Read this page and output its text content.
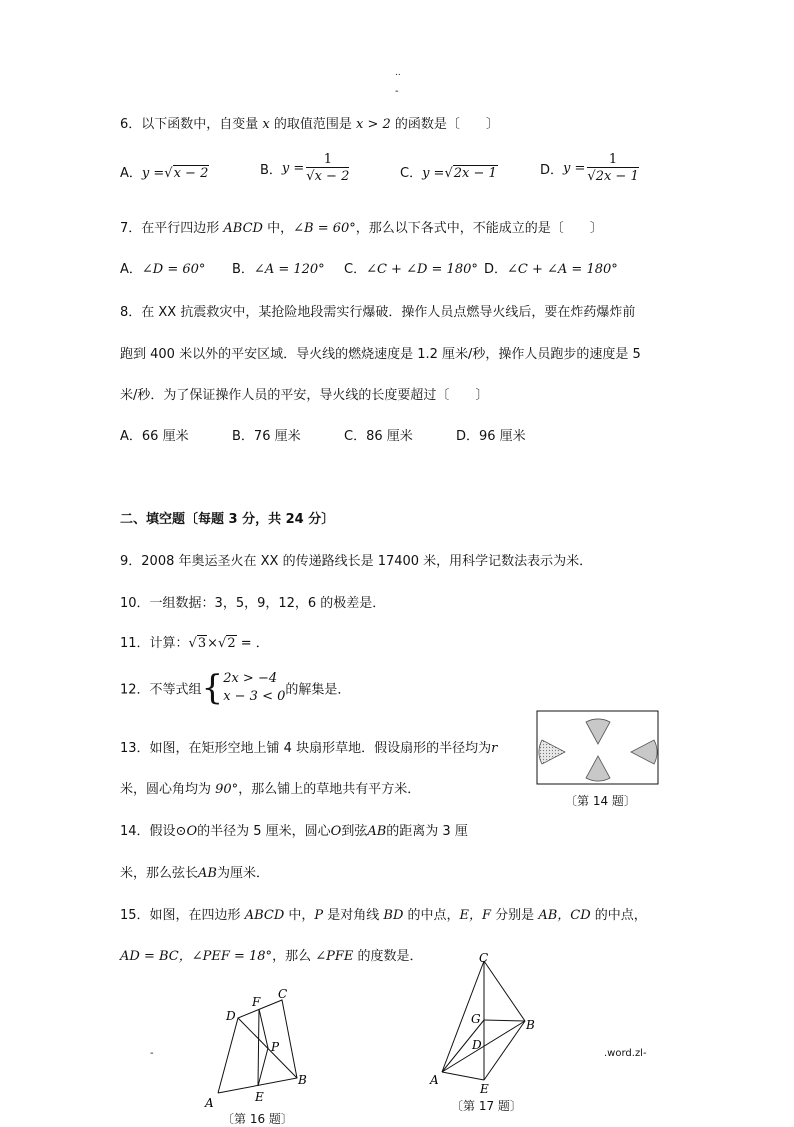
..
-
6．以下函数中，自变量 x 的取值范围是 x > 2 的函数是〔　　〕
A．y =√x − 2	B．$y = \frac{1}{√x - 2}$	C．y =√2x − 1	D．$y = \frac{1}{√2x - 1}$
7．在平行四边形 ABCD 中，∠B = 60°，那么以下各式中，不能成立的是〔　　〕
A．∠D = 60° B．∠A = 120° C．∠C + ∠D = 180° D．∠C + ∠A = 180°
8．在 XX 抗震救灾中，某抢险地段需实行爆破．操作人员点燃导火线后，要在炸药爆炸前
跑到 400 米以外的平安区域．导火线的燃烧速度是 1.2 厘米/秒，操作人员跑步的速度是 5
米/秒．为了保证操作人员的平安，导火线的长度要超过〔　　〕
A．66 厘米	B．76 厘米	C．86 厘米	D．96 厘米
二、填空题〔每题 3 分，共 24 分〕
9．2008 年奥运圣火在 XX 的传递路线长是 17400 米，用科学记数法表示为米．
10．一组数据：3，5，9，12，6 的极差是．
11．计算：√3×√2 = ．
12．不等式组{ 2x > −4
x − 3 < 0 的解集是．
13．如图，在矩形空地上铺 4 块扇形草地．假设扇形的半径均为r
米，圆心角均为 90°，那么铺上的草地共有平方米．
〔第 14 题〕
14．假设⊙O的半径为 5 厘米，圆心O到弦AB的距离为 3 厘
米，那么弦长AB为厘米．
15．如图，在四边形 ABCD 中，P 是对角线 BD 的中点，E，F 分别是 AB，CD 的中点，
AD = BC，∠PEF = 18°，那么 ∠PFE 的度数是．
A
B
C
D
E
F
P
〔第 16 题〕
A
B
C
D
E
G
〔第 17 题〕
-	.word.zl-
